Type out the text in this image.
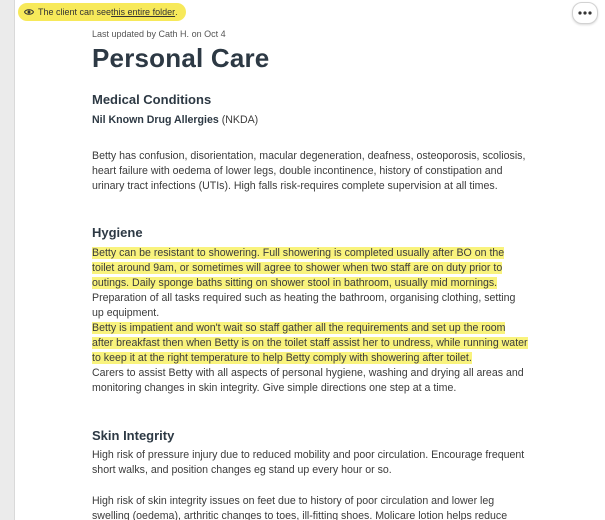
The client can see this entire folder .
Last updated by Cath H. on Oct 4
Personal Care
Medical Conditions
Nil Known Drug Allergies (NKDA)
Betty has confusion, disorientation, macular degeneration, deafness, osteoporosis, scoliosis, heart failure with oedema of lower legs, double incontinence, history of constipation and urinary tract infections (UTIs). High falls risk-requires complete supervision at all times.
Hygiene
Betty can be resistant to showering. Full showering is completed usually after BO on the toilet around 9am, or sometimes will agree to shower when two staff are on duty prior to outings. Daily sponge baths sitting on shower stool in bathroom, usually mid mornings.
Preparation of all tasks required such as heating the bathroom, organising clothing, setting up equipment.
Betty is impatient and won't wait so staff gather all the requirements and set up the room after breakfast then when Betty is on the toilet staff assist her to undress, while running water to keep it at the right temperature to help Betty comply with showering after toilet.
Carers to assist Betty with all aspects of personal hygiene, washing and drying all areas and monitoring changes in skin integrity. Give simple directions one step at a time.
Skin Integrity
High risk of pressure injury due to reduced mobility and poor circulation. Encourage frequent short walks, and position changes eg stand up every hour or so.
High risk of skin integrity issues on feet due to history of poor circulation and lower leg swelling (oedema), arthritic changes to toes, ill-fitting shoes. Molicare lotion helps reduce
